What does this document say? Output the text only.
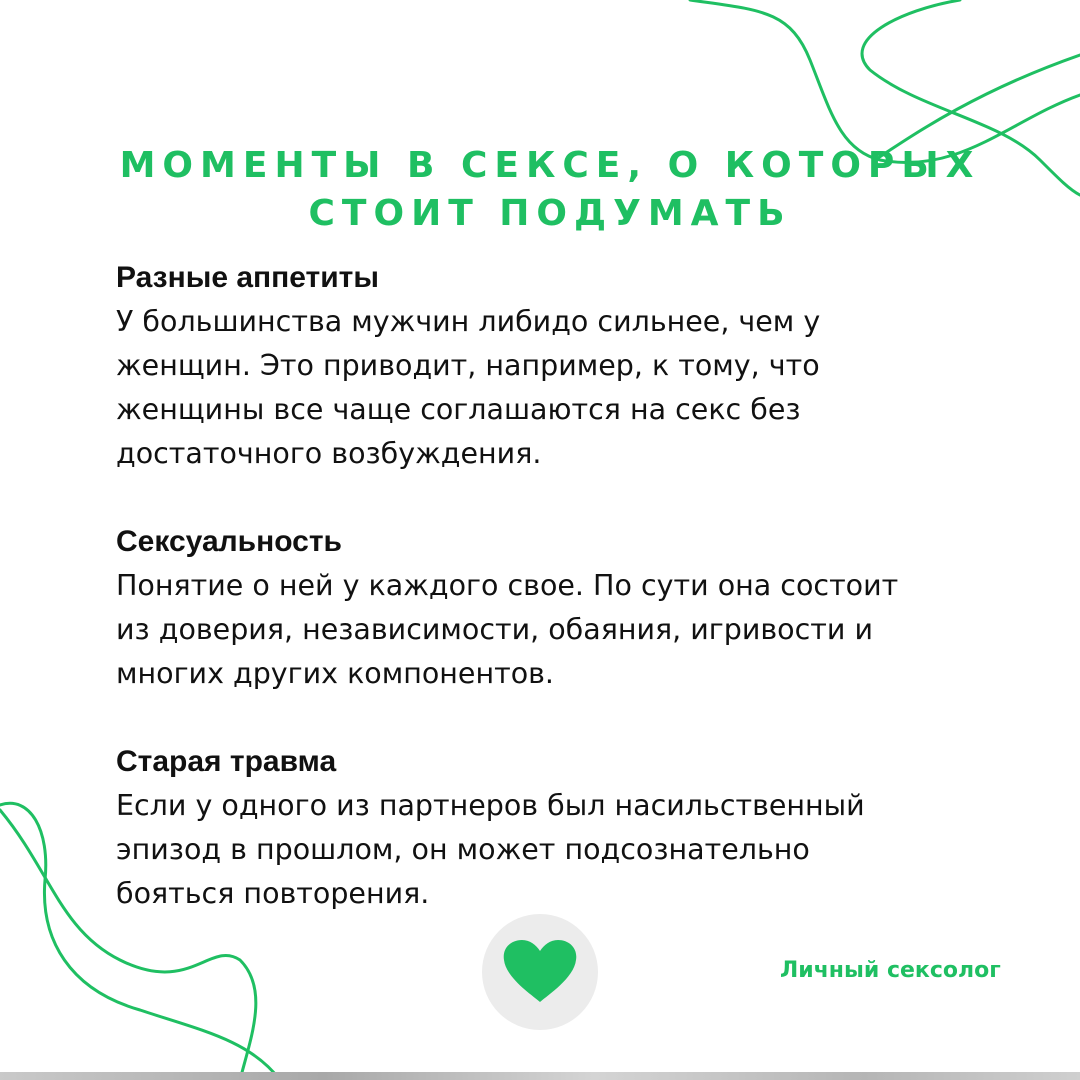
МОМЕНТЫ В СЕКСЕ, О КОТОРЫХ
СТОИТ ПОДУМАТЬ
Разные аппетиты
У большинства мужчин либидо сильнее, чем у
женщин. Это приводит, например, к тому, что
женщины все чаще соглашаются на секс без
достаточного возбуждения.
Сексуальность
Понятие о ней у каждого свое. По сути она состоит
из доверия, независимости, обаяния, игривости и
многих других компонентов.
Старая травма
Если у одного из партнеров был насильственный
эпизод в прошлом, он может подсознательно
бояться повторения.
Личный сексолог
